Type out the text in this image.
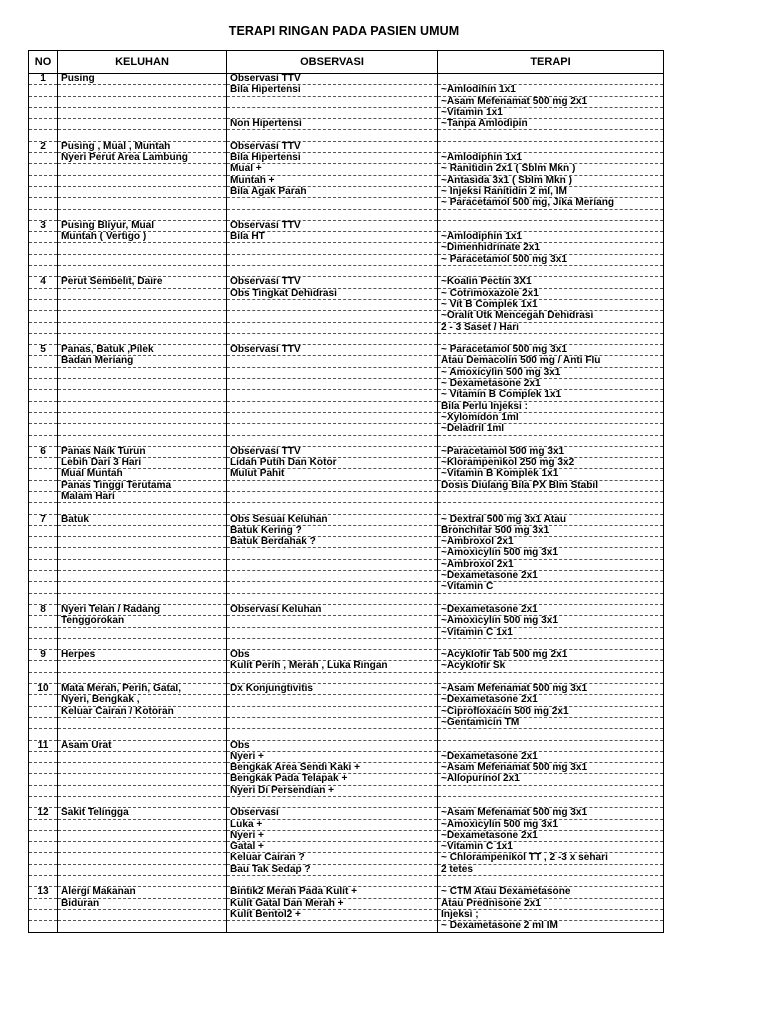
TERAPI RINGAN PADA PASIEN UMUM
NO	KELUHAN	OBSERVASI	TERAPI
1	Pusing	Observasi TTV	
		Bila Hipertensi	~Amlodihin 1x1
			~Asam Mefenamat 500 mg 2x1
			~Vitamin 1x1
		Non Hipertensi	~Tanpa Amlodipin

2	Pusing , Mual , Muntah	Observasi TTV	
	Nyeri Perut Area Lambung	Bila Hipertensi	~Amlodiphin 1x1
		Mual +	~ Ranitidin 2x1 ( Sblm Mkn )
		Muntah +	~Antasida 3x1 ( Sblm Mkn )
		Bila Agak Parah	~ Injeksi Ranitidin 2 ml, IM
			~ Paracetamol 500 mg, Jika Meriang

3	Pusing Bliyur, Mual	Observasi TTV	
	Muntah ( Vertigo )	Bila HT	~Amlodiphin 1x1
			~Dimenhidrinate 2x1
			~ Paracetamol 500 mg 3x1

4	Perut Sembelit, Daire	Observasi TTV	~Koalin Pectin 3X1
		Obs Tingkat Dehidrasi	~ Cotrimoxazole 2x1
			~ Vit B Complek 1x1
			~Oralit Utk Mencegah Dehidrasi
			2 - 3 Saset / Hari

5	Panas, Batuk ,Pilek	Observasi TTV	~ Paracetamol 500 mg 3x1
	Badan Meriang		Atau Demacolin 500 mg / Anti Flu
			~ Amoxicylin 500 mg 3x1
			~ Dexametasone 2x1
			~ Vitamin B Complek 1x1
			Bila Perlu Injeksi :
			~Xylomidon 1ml
			~Deladril 1ml

6	Panas Naik Turun	Observasi TTV	~Paracetamol 500 mg 3x1
	Lebih Dari 3 Hari	Lidah Putih Dan Kotor	~Klorampenikol 250 mg 3x2
	Mual Muntah	Mulut Pahit	~Vitamin B Komplek 1x1
	Panas Tinggi Terutama		Dosis Diulang Bila PX Blm Stabil
	Malam Hari		

7	Batuk	Obs Sesuai Keluhan	~ Dextral 500 mg 3x1 Atau
		Batuk Kering ?	Bronchifar 500 mg 3x1
		Batuk Berdahak ?	~Ambroxol 2x1
			~Amoxicylin 500 mg 3x1
			~Ambroxol 2x1
			~Dexametasone 2x1
			~Vitamin C

8	Nyeri Telan / Radang	Observasi Keluhan	~Dexametasone 2x1
	Tenggorokan		~Amoxicylin 500 mg 3x1
			~Vitamin C 1x1

9	Herpes	Obs	~Acyklofir Tab 500 mg 2x1
		Kulit Perih , Merah , Luka Ringan	~Acyklofir Sk

10	Mata Merah, Perih, Gatal,	Dx Konjungtivitis	~Asam Mefenamat 500 mg 3x1
	Nyeri, Bengkak ,		~Dexametasone 2x1
	Keluar Cairan / Kotoran		~Ciprofloxacin 500 mg 2x1
			~Gentamicin TM

11	Asam Urat	Obs	
		Nyeri +	~Dexametasone 2x1
		Bengkak Area Sendi Kaki +	~Asam Mefenamat 500 mg 3x1
		Bengkak Pada Telapak +	~Allopurinol 2x1
		Nyeri Di Persendian +	

12	Sakit Telingga	Observasi	~Asam Mefenamat 500 mg 3x1
		Luka +	~Amoxicylin 500 mg 3x1
		Nyeri +	~Dexametasone 2x1
		Gatal +	~Vitamin C 1x1
		Keluar Cairan ?	~ Chlorampenikol TT , 2 -3 x sehari
		Bau Tak Sedap ?	2 tetes

13	Alergi Makanan	Bintik2 Merah Pada Kulit +	~ CTM Atau Dexametasone
	Biduran	Kulit Gatal Dan Merah +	Atau Prednisone 2x1
		Kulit Bentol2 +	Injeksi ;
			~ Dexametasone 2 ml IM
